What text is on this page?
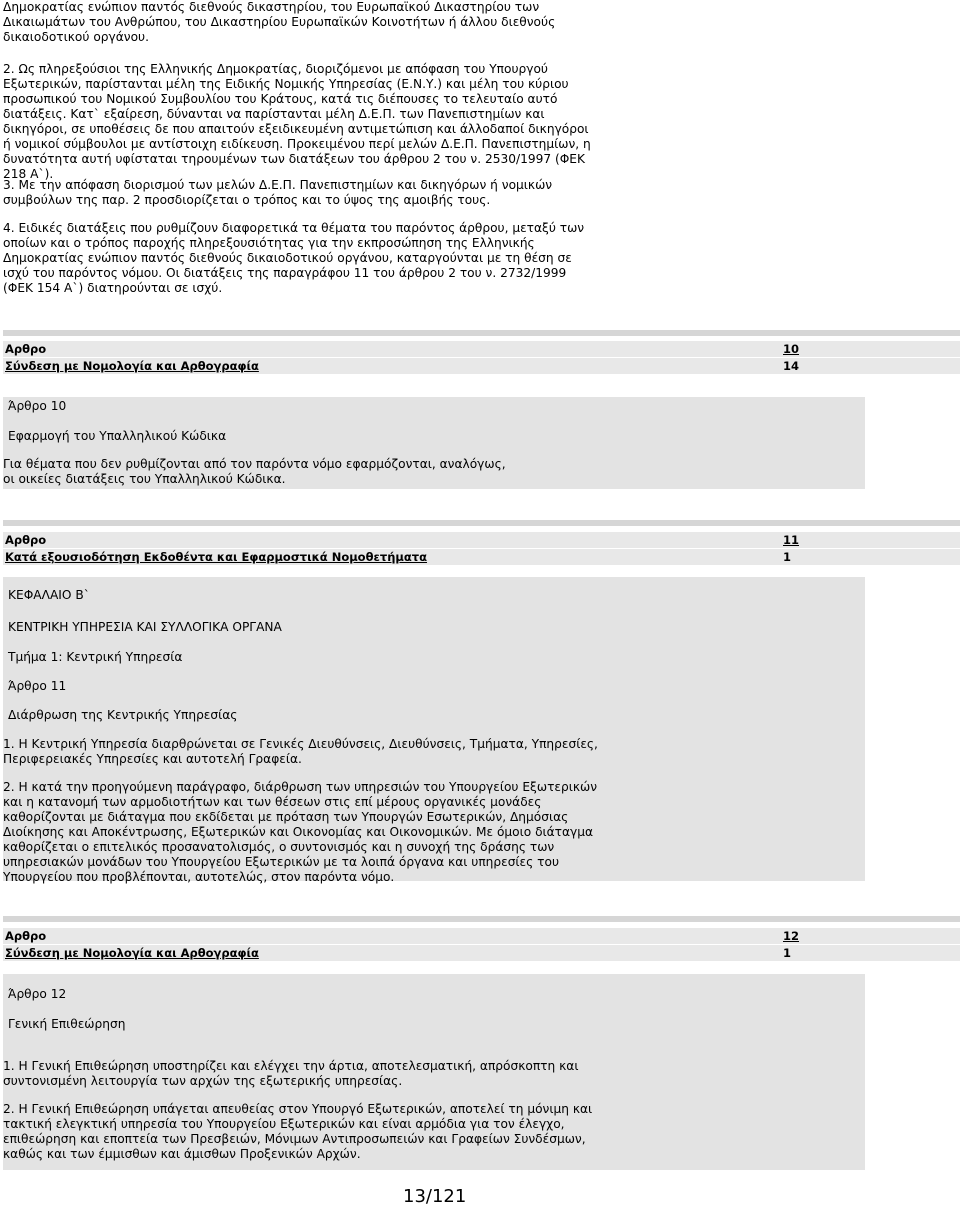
Δημοκρατίας ενώπιον παντός διεθνούς δικαστηρίου, του Ευρωπαϊκού Δικαστηρίου των Δικαιωμάτων του Ανθρώπου, του Δικαστηρίου Ευρωπαϊκών Κοινοτήτων ή άλλου διεθνούς δικαιοδοτικού οργάνου.

2. Ως πληρεξούσιοι της Ελληνικής Δημοκρατίας, διοριζόμενοι με απόφαση του Υπουργού Εξωτερικών, παρίστανται μέλη της Ειδικής Νομικής Υπηρεσίας (Ε.Ν.Υ.) και μέλη του κύριου προσωπικού του Νομικού Συμβουλίου του Κράτους, κατά τις διέπουσες το τελευταίο αυτό διατάξεις. Κατ` εξαίρεση, δύνανται να παρίστανται μέλη Δ.Ε.Π. των Πανεπιστημίων και δικηγόροι, σε υποθέσεις δε που απαιτούν εξειδικευμένη αντιμετώπιση και άλλοδαποί δικηγόροι ή νομικοί σύμβουλοι με αντίστοιχη ειδίκευση. Προκειμένου περί μελών Δ.Ε.Π. Πανεπιστημίων, η δυνατότητα αυτή υφίσταται τηρουμένων των διατάξεων του άρθρου 2 του ν. 2530/1997 (ΦΕΚ 218 Α`).

3. Με την απόφαση διορισμού των μελών Δ.Ε.Π. Πανεπιστημίων και δικηγόρων ή νομικών συμβούλων της παρ. 2 προσδιορίζεται ο τρόπος και το ύψος της αμοιβής τους.

4. Ειδικές διατάξεις που ρυθμίζουν διαφορετικά τα θέματα του παρόντος άρθρου, μεταξύ των οποίων και ο τρόπος παροχής πληρεξουσιότητας για την εκπροσώπηση της Ελληνικής Δημοκρατίας ενώπιον παντός διεθνούς δικαιοδοτικού οργάνου, καταργούνται με τη θέση σε ισχύ του παρόντος νόμου. Οι διατάξεις της παραγράφου 11 του άρθρου 2 του ν. 2732/1999 (ΦΕΚ 154 Α`) διατηρούνται σε ισχύ.

Αρθρο	10
Σύνδεση με Νομολογία και Αρθογραφία	14

Άρθρο 10

Εφαρμογή του Υπαλληλικού Κώδικα

Για θέματα που δεν ρυθμίζονται από τον παρόντα νόμο εφαρμόζονται, αναλόγως,
οι οικείες διατάξεις του Υπαλληλικού Κώδικα.

Αρθρο	11
Κατά εξουσιοδότηση Εκδοθέντα και Εφαρμοστικά Νομοθετήματα	1

ΚΕΦΑΛΑΙΟ Β`

ΚΕΝΤΡΙΚΗ ΥΠΗΡΕΣΙΑ ΚΑΙ ΣΥΛΛΟΓΙΚΑ ΟΡΓΑΝΑ

Τμήμα 1: Κεντρική Υπηρεσία

Άρθρο 11

Διάρθρωση της Κεντρικής Υπηρεσίας

1. Η Κεντρική Υπηρεσία διαρθρώνεται σε Γενικές Διευθύνσεις, Διευθύνσεις, Τμήματα, Υπηρεσίες, Περιφερειακές Υπηρεσίες και αυτοτελή Γραφεία.

2. Η κατά την προηγούμενη παράγραφο, διάρθρωση των υπηρεσιών του Υπουργείου Εξωτερικών και η κατανομή των αρμοδιοτήτων και των θέσεων στις επί μέρους οργανικές μονάδες καθορίζονται με διάταγμα που εκδίδεται με πρόταση των Υπουργών Εσωτερικών, Δημόσιας Διοίκησης και Αποκέντρωσης, Εξωτερικών και Οικονομίας και Οικονομικών. Με όμοιο διάταγμα καθορίζεται ο επιτελικός προσανατολισμός, ο συντονισμός και η συνοχή της δράσης των υπηρεσιακών μονάδων του Υπουργείου Εξωτερικών με τα λοιπά όργανα και υπηρεσίες του Υπουργείου που προβλέπονται, αυτοτελώς, στον παρόντα νόμο.

Αρθρο	12
Σύνδεση με Νομολογία και Αρθογραφία	1

Άρθρο 12

Γενική Επιθεώρηση

1. Η Γενική Επιθεώρηση υποστηρίζει και ελέγχει την άρτια, αποτελεσματική, απρόσκοπτη και συντονισμένη λειτουργία των αρχών της εξωτερικής υπηρεσίας.

2. Η Γενική Επιθεώρηση υπάγεται απευθείας στον Υπουργό Εξωτερικών, αποτελεί τη μόνιμη και τακτική ελεγκτική υπηρεσία του Υπουργείου Εξωτερικών και είναι αρμόδια για τον έλεγχο, επιθεώρηση και εποπτεία των Πρεσβειών, Μόνιμων Αντιπροσωπειών και Γραφείων Συνδέσμων, καθώς και των έμμισθων και άμισθων Προξενικών Αρχών.

13/121
